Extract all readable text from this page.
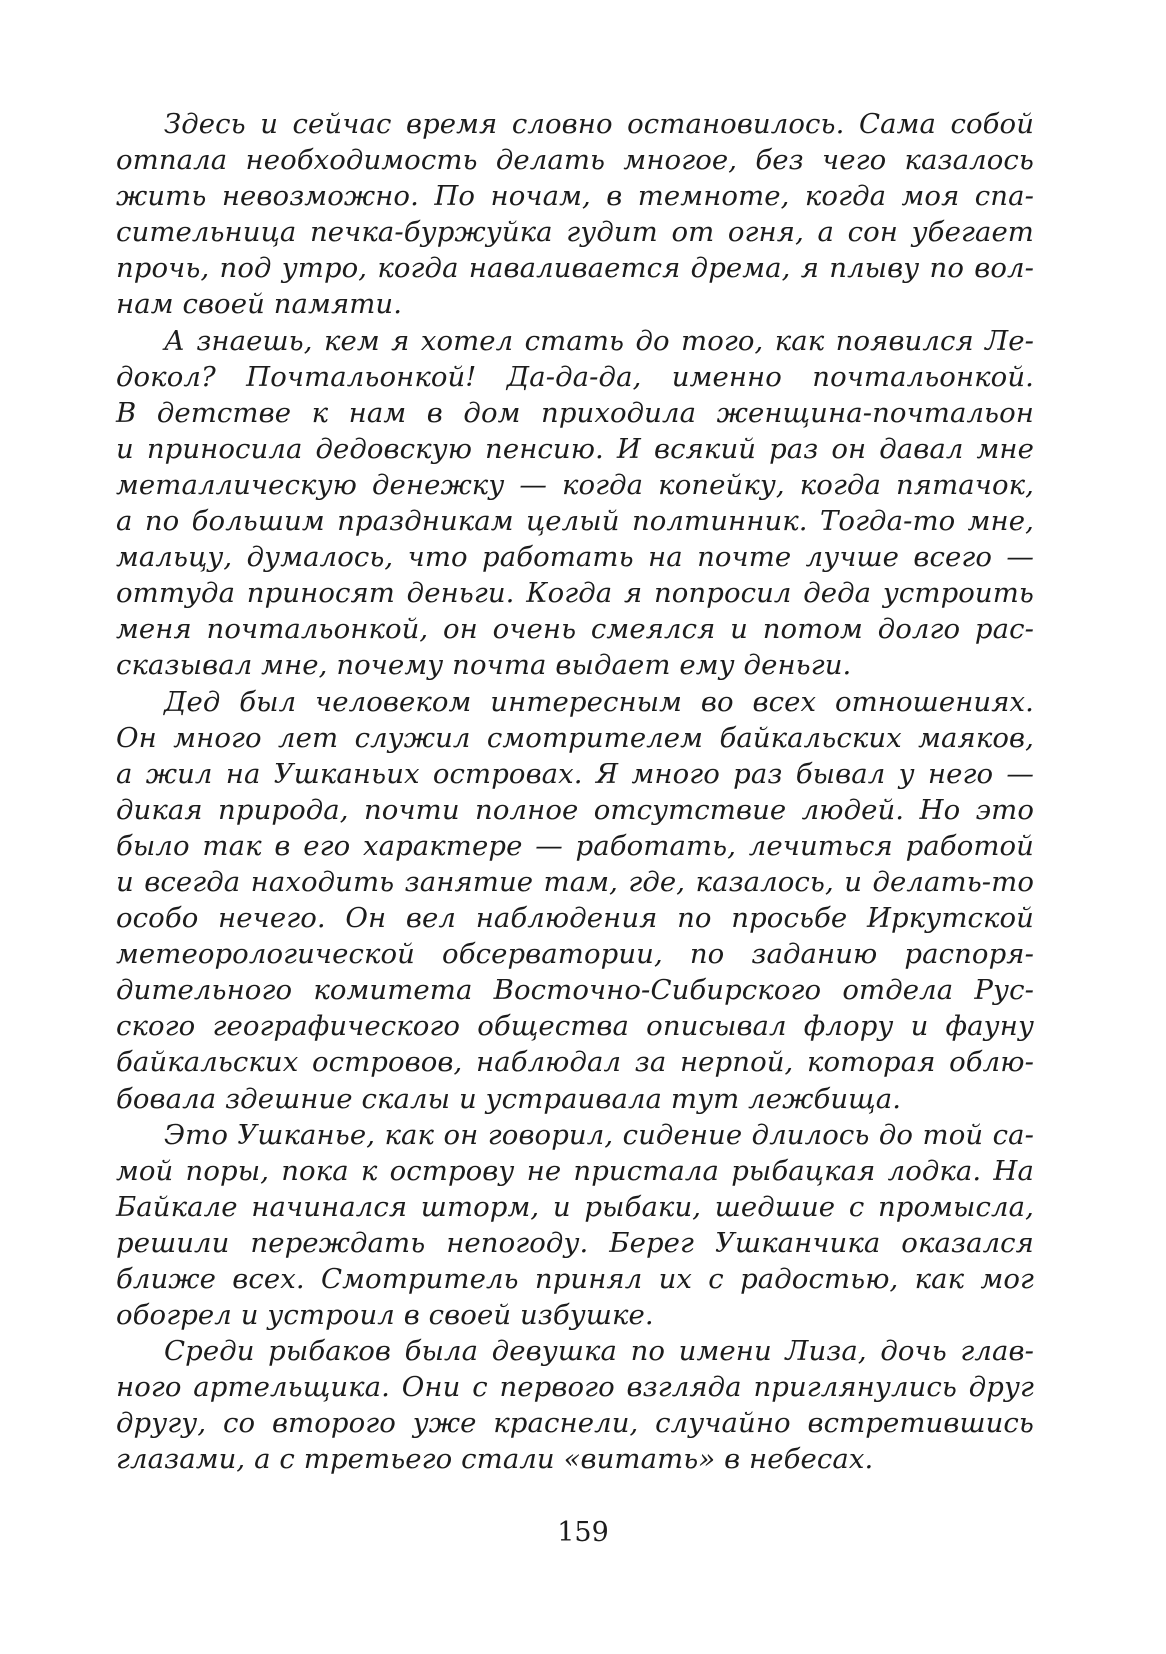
Здесь и сейчас время словно остановилось. Сама собой
отпала необходимость делать многое, без чего казалось
жить невозможно. По ночам, в темноте, когда моя спа-
сительница печка-буржуйка гудит от огня, а сон убегает
прочь, под утро, когда наваливается дрема, я плыву по вол-
нам своей памяти.
А знаешь, кем я хотел стать до того, как появился Ле-
докол? Почтальонкой! Да-да-да, именно почтальонкой.
В детстве к нам в дом приходила женщина-почтальон
и приносила дедовскую пенсию. И всякий раз он давал мне
металлическую денежку — когда копейку, когда пятачок,
а по большим праздникам целый полтинник. Тогда-то мне,
мальцу, думалось, что работать на почте лучше всего —
оттуда приносят деньги. Когда я попросил деда устроить
меня почтальонкой, он очень смеялся и потом долго рас-
сказывал мне, почему почта выдает ему деньги.
Дед был человеком интересным во всех отношениях.
Он много лет служил смотрителем байкальских маяков,
а жил на Ушканьих островах. Я много раз бывал у него —
дикая природа, почти полное отсутствие людей. Но это
было так в его характере — работать, лечиться работой
и всегда находить занятие там, где, казалось, и делать-то
особо нечего. Он вел наблюдения по просьбе Иркутской
метеорологической обсерватории, по заданию распоря-
дительного комитета Восточно-Сибирского отдела Рус-
ского географического общества описывал флору и фауну
байкальских островов, наблюдал за нерпой, которая облю-
бовала здешние скалы и устраивала тут лежбища.
Это Ушканье, как он говорил, сидение длилось до той са-
мой поры, пока к острову не пристала рыбацкая лодка. На
Байкале начинался шторм, и рыбаки, шедшие с промысла,
решили переждать непогоду. Берег Ушканчика оказался
ближе всех. Смотритель принял их с радостью, как мог
обогрел и устроил в своей избушке.
Среди рыбаков была девушка по имени Лиза, дочь глав-
ного артельщика. Они с первого взгляда приглянулись друг
другу, со второго уже краснели, случайно встретившись
глазами, а с третьего стали «витать» в небесах.
159
